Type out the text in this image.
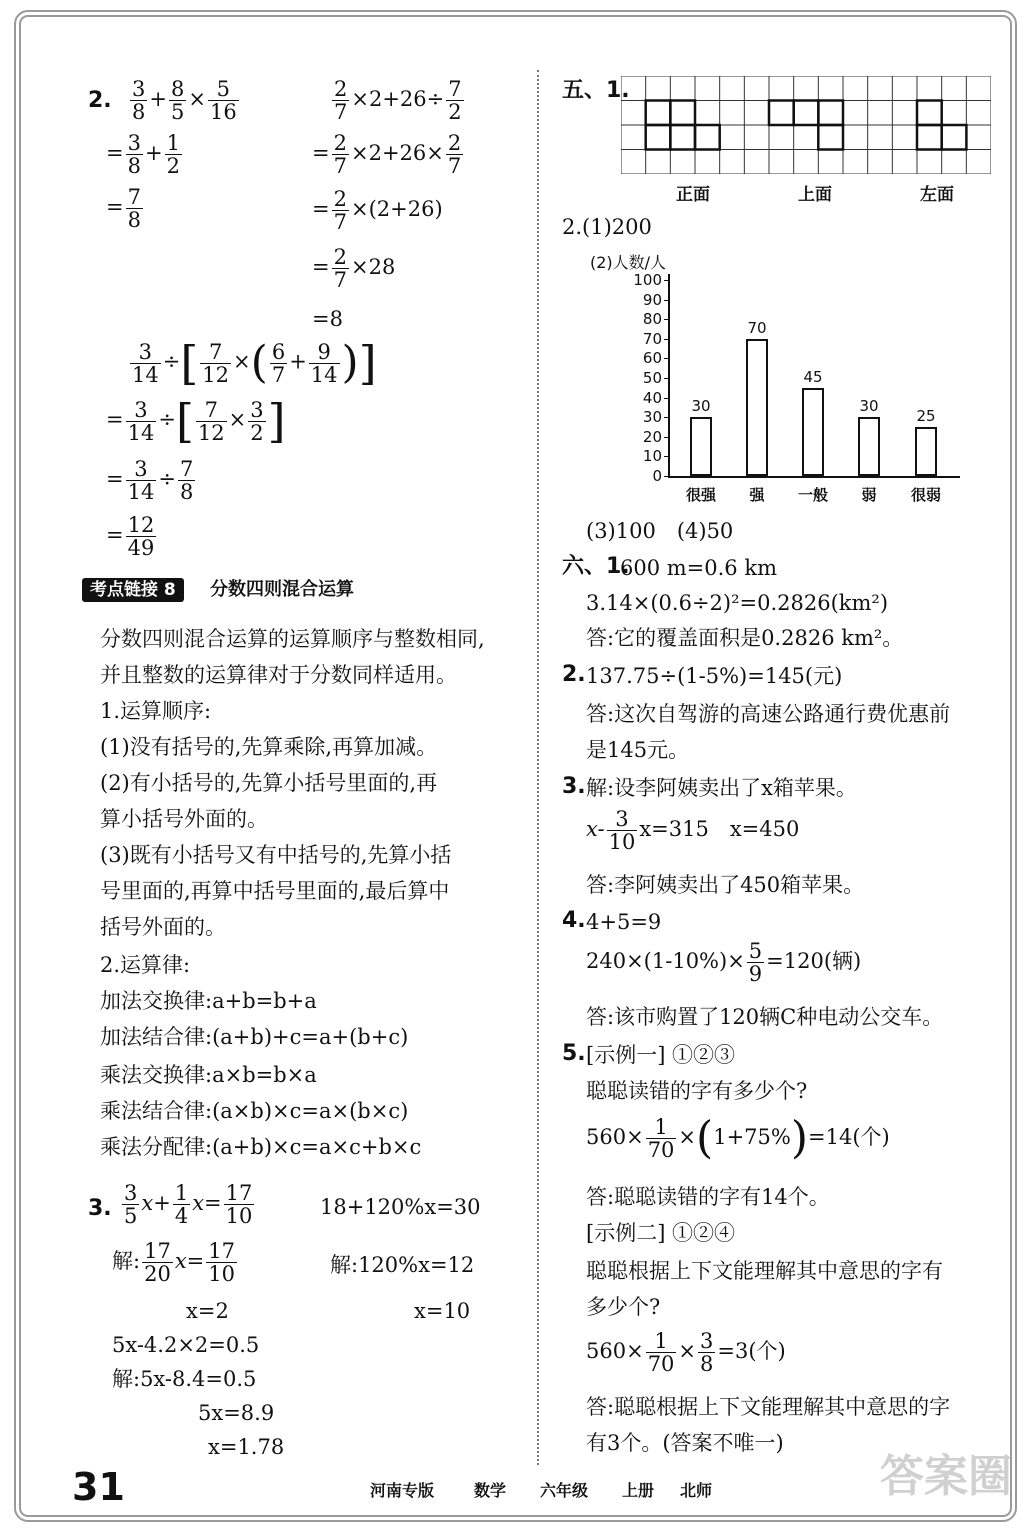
2. $\frac{3}{8} + \frac{8}{5} \times \frac{5}{16}$
= $\frac{3}{8} + \frac{1}{2}$
= $\frac{7}{8}$
$\frac{2}{7} \times 2+26\div \frac{7}{2}$
= $\frac{2}{7} \times 2+26\times \frac{2}{7}$
= $\frac{2}{7} \times(2+26)$
= $\frac{2}{7} \times 28$
=8
$\frac{3}{14}$ ÷[ $\frac{7}{12}$ ×( $\frac{6}{7} + \frac{9}{14}$ )]
= $\frac{3}{14}$ ÷[ $\frac{7}{12} \times \frac{3}{2}$ ]
= $\frac{3}{14} \div \frac{7}{8}$
= $\frac{12}{49}$
考点链接 8	分数四则混合运算
分数四则混合运算的运算顺序与整数相同,
并且整数的运算律对于分数同样适用。
1.运算顺序:
(1)没有括号的,先算乘除,再算加减。
(2)有小括号的,先算小括号里面的,再
算小括号外面的。
(3)既有小括号又有中括号的,先算小括
号里面的,再算中括号里面的,最后算中
括号外面的。
2.运算律:
加法交换律:a+b=b+a
加法结合律:(a+b)+c=a+(b+c)
乘法交换律:a×b=b×a
乘法结合律:(a×b)×c=a×(b×c)
乘法分配律:(a+b)×c=a×c+b×c
3. $\frac{3}{5} x+ \frac{1}{4} x= \frac{17}{10}$
解: $\frac{17}{20} x= \frac{17}{10}$
x=2
18+120%x=30
解:120%x=12
x=10
5x-4.2×2=0.5
解:5x-8.4=0.5
5x=8.9
x=1.78
五、1.
正面	上面	左面
2.(1)200
(2)人数/人
0
10
20
30
40
50
60
70
80
90
100
30
很强
70
强
45
一般
30
弱
25
很弱
(3)100　(4)50
六、1.
600 m=0.6 km
3.14×(0.6÷2)²=0.2826(km²)
答:它的覆盖面积是0.2826 km²。
2. 137.75÷(1-5%)=145(元)
答:这次自驾游的高速公路通行费优惠前
是145元。
3. 解:设李阿姨卖出了x箱苹果。
$x- \frac{3}{10} x=315$　x=450
答:李阿姨卖出了450箱苹果。
4. 4+5=9
$240\times(1-10\%)\times \frac{5}{9} =120$(辆)
答:该市购置了120辆C种电动公交车。
5. [示例一] ①②③
聪聪读错的字有多少个?
$560\times \frac{1}{70} \times(1+75\%)=14$(个)
答:聪聪读错的字有14个。
[示例二] ①②④
聪聪根据上下文能理解其中意思的字有
多少个?
$560\times \frac{1}{70} \times \frac{3}{8} =3$(个)
答:聪聪根据上下文能理解其中意思的字
有3个。(答案不唯一)
31	河南专版 数学 六年级 上册 北师	答案圈
